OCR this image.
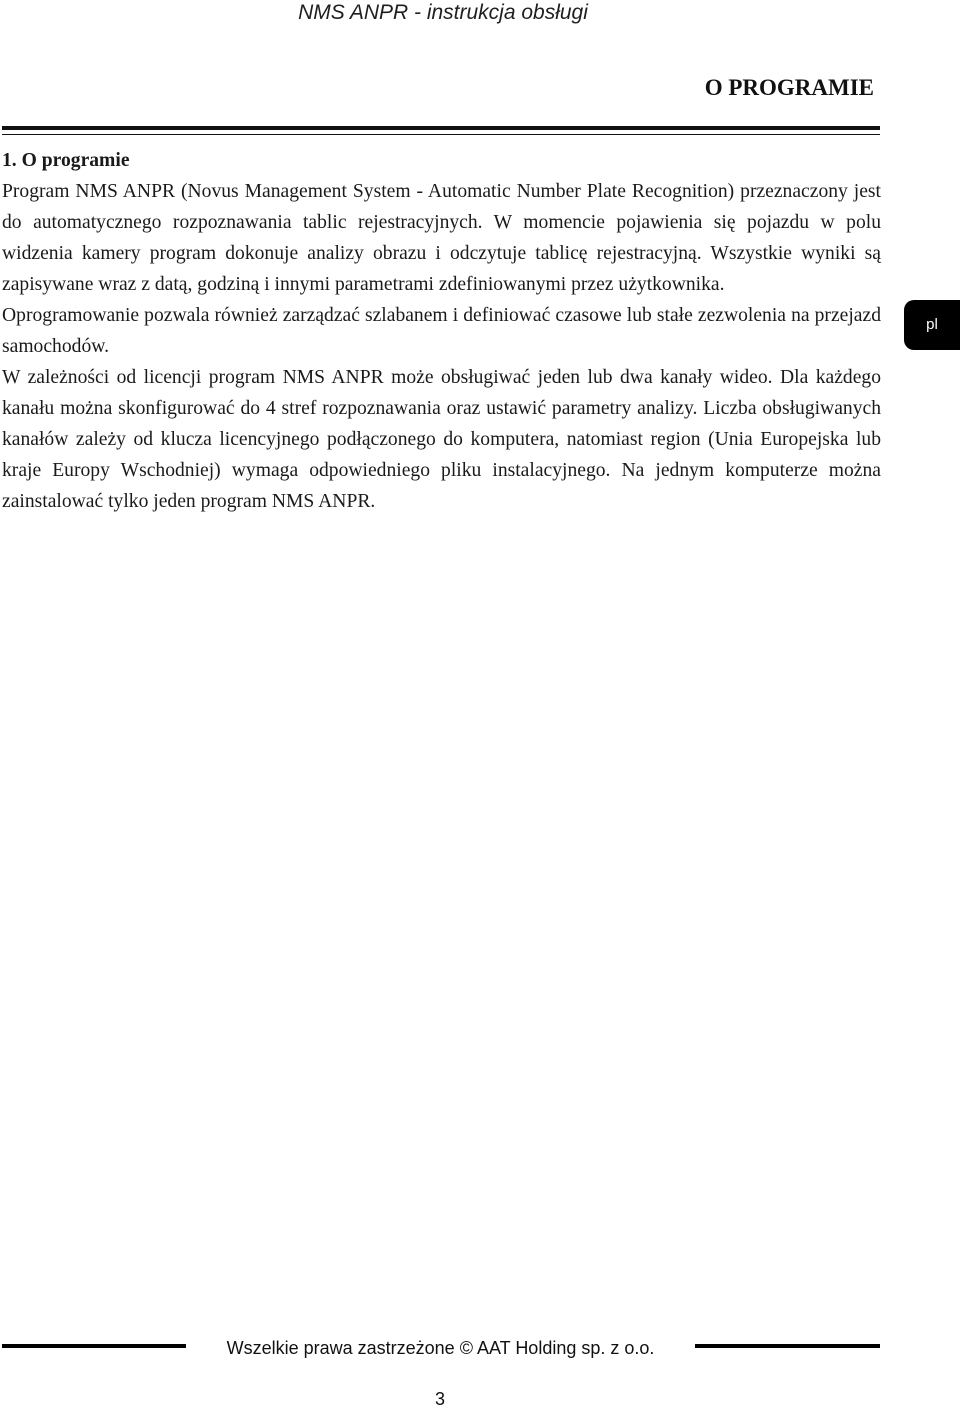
NMS ANPR - instrukcja obsługi
O PROGRAMIE
1. O programie

Program NMS ANPR (Novus Management System - Automatic Number Plate Recognition) przeznaczony jest do automatycznego rozpoznawania tablic rejestracyjnych. W momencie pojawienia się pojazdu w polu widzenia kamery program dokonuje analizy obrazu i odczytuje tablicę rejestracyjną. Wszystkie wyniki są zapisywane wraz z datą, godziną i innymi parametrami zdefiniowanymi przez użytkownika.

Oprogramowanie pozwala również zarządzać szlabanem i definiować czasowe lub stałe zezwolenia na przejazd samochodów.

W zależności od licencji program NMS ANPR może obsługiwać jeden lub dwa kanały wideo. Dla każdego kanału można skonfigurować do 4 stref rozpoznawania oraz ustawić parametry analizy. Liczba obsługiwanych kanałów zależy od klucza licencyjnego podłączonego do komputera, natomiast region (Unia Europejska lub kraje Europy Wschodniej) wymaga odpowiedniego pliku instalacyjnego. Na jednym komputerze można zainstalować tylko jeden program NMS ANPR.

pl
Wszelkie prawa zastrzeżone © AAT Holding sp. z o.o.
3
